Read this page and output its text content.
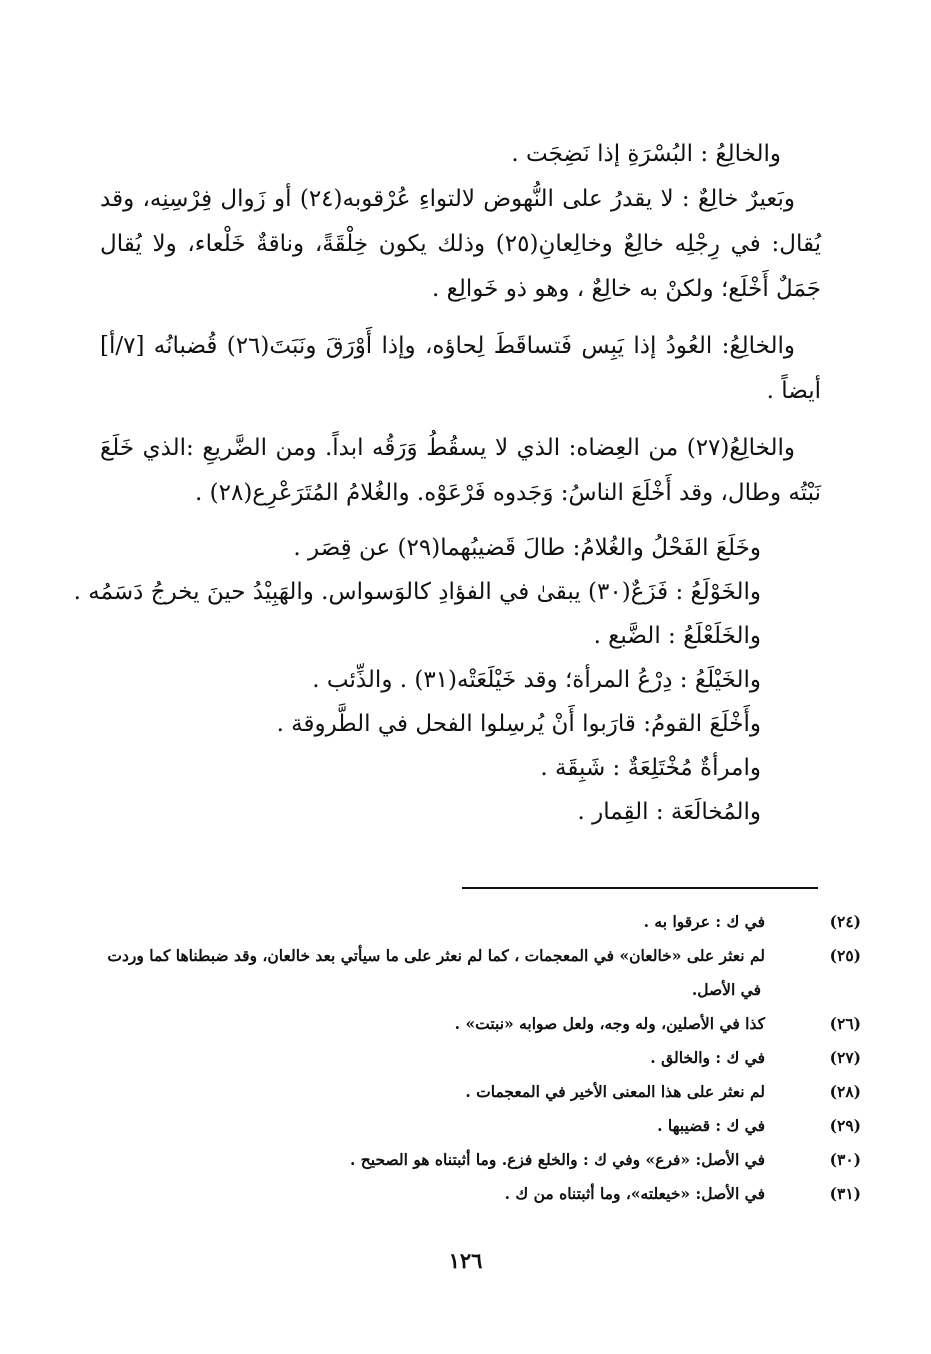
والخالِعُ : البُسْرَةِ إذا نَضِجَت .

وبَعيرٌ خالِعٌ : لا يقدرُ على النُّهوض لالتواءِ عُرْقوبه(٢٤) أو زَوال فِرْسِنِه، وقد يُقال: في رِجْلِه خالِعٌ وخالِعانِ(٢٥) وذلك يكون خِلْقَةً، وناقةٌ خَلْعاء، ولا يُقال جَمَلٌ أَخْلَع؛ ولكنْ به خالِعٌ ، وهو ذو خَوالِع .

والخالِعُ: العُودُ إذا يَبِس فَتساقَطَ لِحاؤه، وإذا أَوْرَقَ ونَبَتَ(٢٦) قُضبانُه [٧/أ] أيضاً .

والخالِعُ(٢٧) من العِضاه: الذي لا يسقُطُ وَرَقُه ابداً. ومن الضَّريعِ :الذي خَلَعَ نَبْتُه وطال، وقد أَخْلَعَ الناسُ: وَجَدوه فَرْعَوْه. والغُلامُ المُتَرَعْرِع(٢٨) .

وخَلَعَ الفَحْلُ والغُلامُ: طالَ قَضيبُهما(٢٩) عن قِصَر .

والخَوْلَعُ : فَزَعٌ(٣٠) يبقىٰ في الفؤادِ كالوَسواس. والهَبِيْدُ حينَ يخرجُ دَسَمُه .

والخَلَعْلَعُ : الضَّبع .

والخَيْلَعُ : دِرْعُ المرأة؛ وقد خَيْلَعَتْه(٣١) . والذِّئب .

وأَخْلَعَ القومُ: قارَبوا أَنْ يُرسِلوا الفحل في الطَّروقة .

وامرأةٌ مُخْتَلِعَةٌ : شَبِقَة .

والمُخالَعَة : القِمار .

(٢٤)في ك : عرقوا به .

(٢٥)لم نعثر على «خالعان» في المعجمات ، كما لم نعثر على ما سيأتي بعد خالعان، وقد ضبطناها كما وردت في الأصل.

(٢٦)كذا في الأصلين، وله وجه، ولعل صوابه «نبتت» .

(٢٧)في ك : والخالق .

(٢٨)لم نعثر على هذا المعنى الأخير في المعجمات .

(٢٩)في ك : قضيبها .

(٣٠)في الأصل: «فرع» وفي ك : والخلع فزع. وما أثبتناه هو الصحيح .

(٣١)في الأصل: «خيعلته»، وما أثبتناه من ك .

١٢٦
